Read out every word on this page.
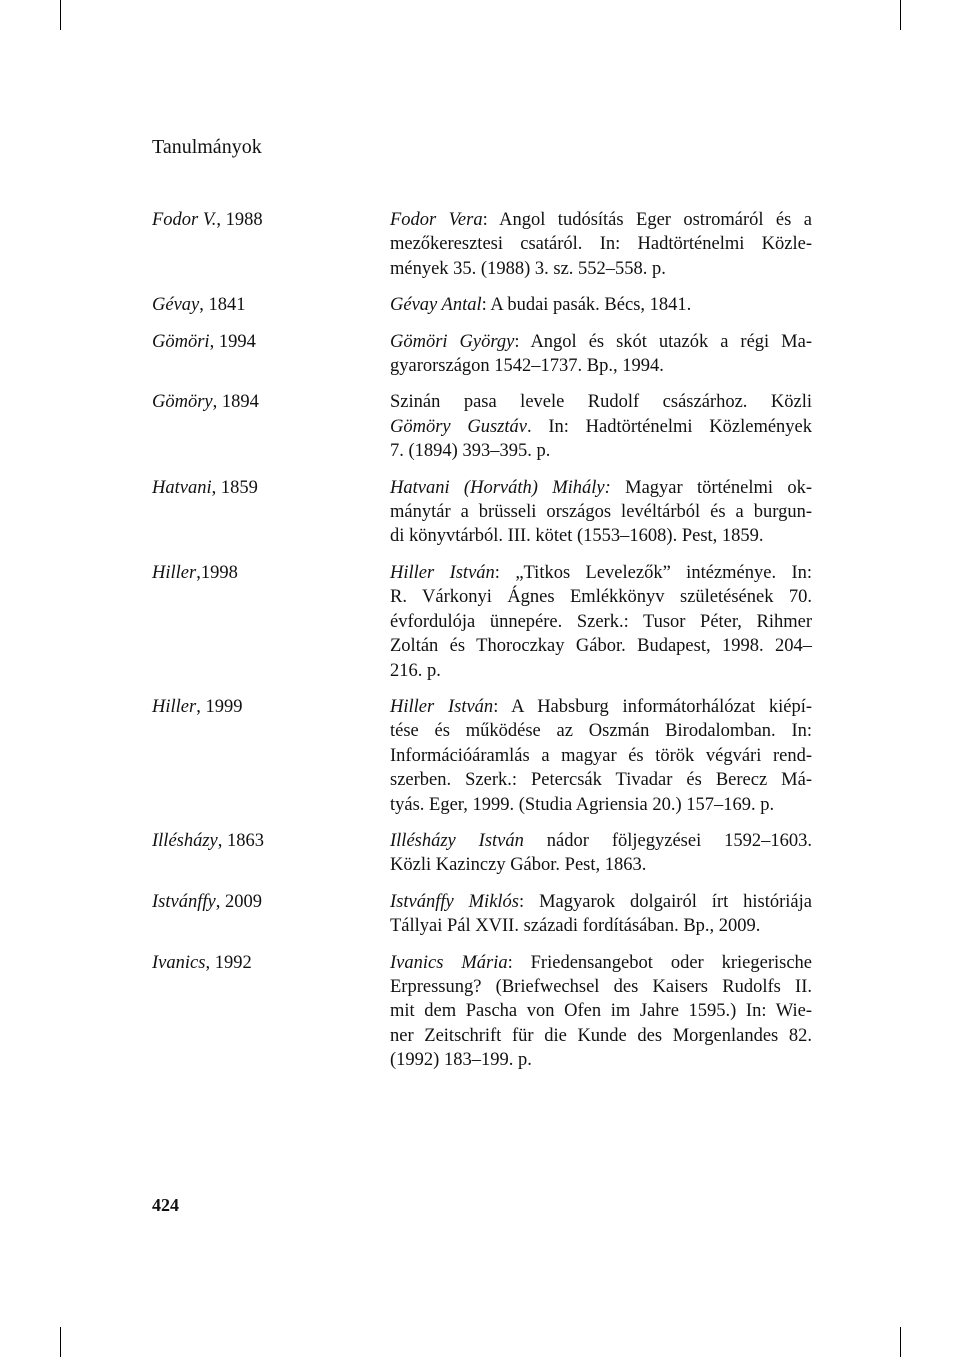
Tanulmányok
Fodor V., 1988	Fodor Vera: Angol tudósítás Eger ostromáról és a
mezőkeresztesi csatáról. In: Hadtörténelmi Közle-
mények 35. (1988) 3. sz. 552–558. p.
Gévay, 1841	Gévay Antal: A budai pasák. Bécs, 1841.
Gömöri, 1994	Gömöri György: Angol és skót utazók a régi Ma-
gyarországon 1542–1737. Bp., 1994.
Gömöry, 1894	Szinán pasa levele Rudolf császárhoz. Közli
Gömöry Gusztáv. In: Hadtörténelmi Közlemények
7. (1894) 393–395. p.
Hatvani, 1859	Hatvani (Horváth) Mihály: Magyar történelmi ok-
mánytár a brüsseli országos levéltárból és a burgun-
di könyvtárból. III. kötet (1553–1608). Pest, 1859.
Hiller,1998	Hiller István: „Titkos Levelezők” intézménye. In:
R. Várkonyi Ágnes Emlékkönyv születésének 70.
évfordulója ünnepére. Szerk.: Tusor Péter, Rihmer
Zoltán és Thoroczkay Gábor. Budapest, 1998. 204–
216. p.
Hiller, 1999	Hiller István: A Habsburg informátorhálózat kiépí-
tése és működése az Oszmán Birodalomban. In:
Információáramlás a magyar és török végvári rend-
szerben. Szerk.: Petercsák Tivadar és Berecz Má-
tyás. Eger, 1999. (Studia Agriensia 20.) 157–169. p.
Illésházy, 1863	Illésházy István nádor följegyzései 1592–1603.
Közli Kazinczy Gábor. Pest, 1863.
Istvánffy, 2009	Istvánffy Miklós: Magyarok dolgairól írt históriája
Tállyai Pál XVII. századi fordításában. Bp., 2009.
Ivanics, 1992	Ivanics Mária: Friedensangebot oder kriegerische
Erpressung? (Briefwechsel des Kaisers Rudolfs II.
mit dem Pascha von Ofen im Jahre 1595.) In: Wie-
ner Zeitschrift für die Kunde des Morgenlandes 82.
(1992) 183–199. p.
424
